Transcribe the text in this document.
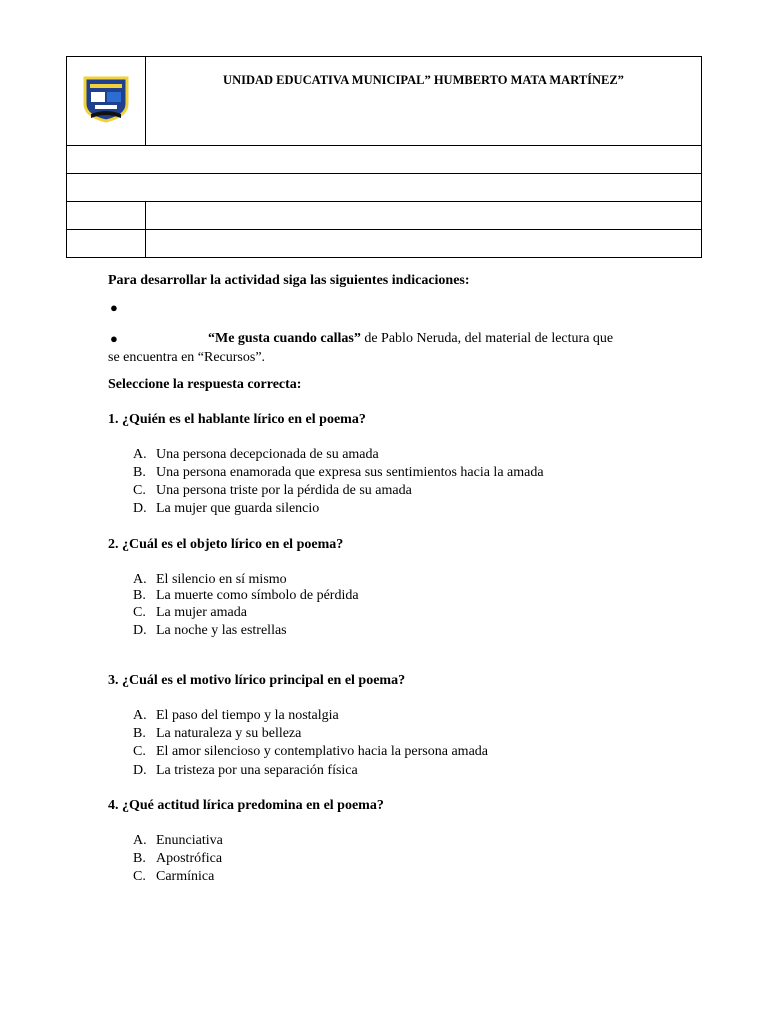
	UNIDAD EDUCATIVA MUNICIPAL” HUMBERTO MATA MARTÍNEZ”

Para desarrollar la actividad siga las siguientes indicaciones:
●
●	“Me gusta cuando callas” de Pablo Neruda, del material de lectura que
se encuentra en “Recursos”.
Seleccione la respuesta correcta:
1. ¿Quién es el hablante lírico en el poema?
A. Una persona decepcionada de su amada
B. Una persona enamorada que expresa sus sentimientos hacia la amada
C. Una persona triste por la pérdida de su amada
D. La mujer que guarda silencio
2. ¿Cuál es el objeto lírico en el poema?
A. El silencio en sí mismo
B. La muerte como símbolo de pérdida
C. La mujer amada
D. La noche y las estrellas
3. ¿Cuál es el motivo lírico principal en el poema?
A. El paso del tiempo y la nostalgia
B. La naturaleza y su belleza
C. El amor silencioso y contemplativo hacia la persona amada
D. La tristeza por una separación física
4. ¿Qué actitud lírica predomina en el poema?
A. Enunciativa
B. Apostrófica
C. Carmínica
